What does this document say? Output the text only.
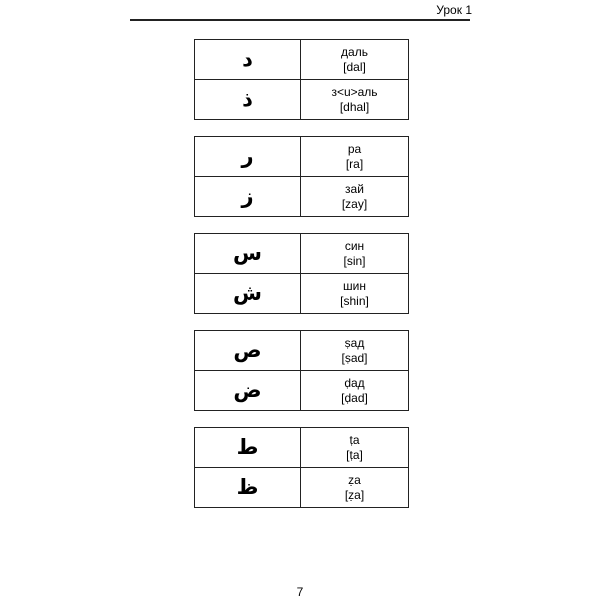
Урок 1
د	даль
[dal]
ذ	з<u>аль
[dhal]
ر	ра
[ra]
ز	зай
[zay]
س	син
[sin]
ش	шин
[shin]
ص	ṣад
[ṣad]
ض	ḍад
[ḍad]
ط	ṭа
[ṭa]
ظ	ẓа
[ẓa]
7
